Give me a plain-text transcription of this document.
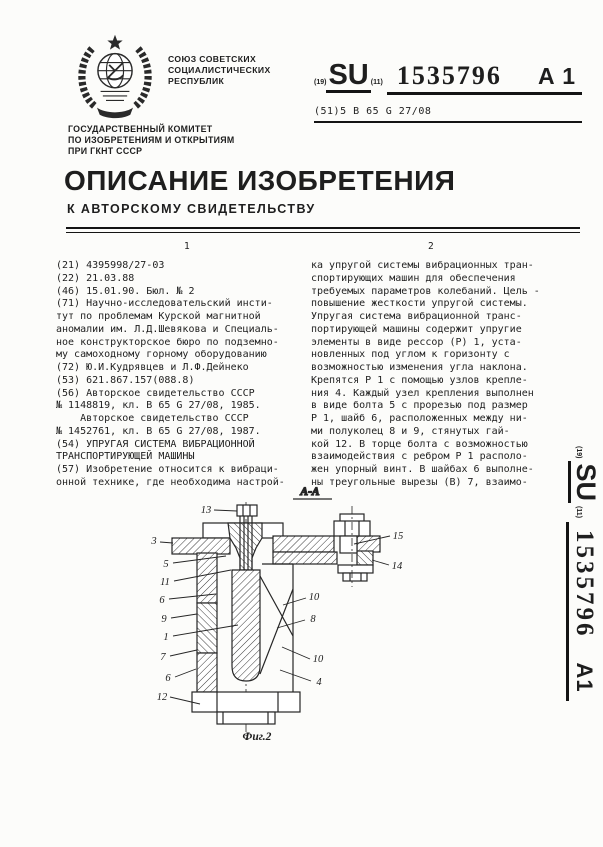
СОЮЗ СОВЕТСКИХ
СОЦИАЛИСТИЧЕСКИХ
РЕСПУБЛИК	(19) SU (11) 1535796 A 1
(51)5 B 65 G 27/08
ГОСУДАРСТВЕННЫЙ КОМИТЕТ
ПО ИЗОБРЕТЕНИЯМ И ОТКРЫТИЯМ
ПРИ ГКНТ СССР
ОПИСАНИЕ ИЗОБРЕТЕНИЯ
К АВТОРСКОМУ СВИДЕТЕЛЬСТВУ
1	2
(21) 4395998/27-03
(22) 21.03.88
(46) 15.01.90. Бюл. № 2
(71) Научно-исследовательский инсти-
тут по проблемам Курской магнитной
аномалии им. Л.Д.Шевякова и Специаль-
ное конструкторское бюро по подземно-
му самоходному горному оборудованию
(72) Ю.И.Кудрявцев и Л.Ф.Дейнеко
(53) 621.867.157(088.8)
(56) Авторское свидетельство СССР
№ 1148819, кл. B 65 G 27/08, 1985.
Авторское свидетельство СССР
№ 1452761, кл. B 65 G 27/08, 1987.
(54) УПРУГАЯ СИСТЕМА ВИБРАЦИОННОЙ
ТРАНСПОРТИРУЮЩЕЙ МАШИНЫ
(57) Изобретение относится к вибраци-
онной технике, где необходима настрой-
ка упругой системы вибрационных тран-
спортирующих машин для обеспечения
требуемых параметров колебаний. Цель -
повышение жесткости упругой системы.
Упругая система вибрационной транс-
портирующей машины содержит упругие
элементы в виде рессор (Р) 1, уста-
новленных под углом к горизонту с
возможностью изменения угла наклона.
Крепятся Р 1 с помощью узлов крепле-
ния 4. Каждый узел крепления выполнен
в виде болта 5 с прорезью под размер
Р 1, шайб 6, расположенных между ни-
ми полуколец 8 и 9, стянутых гай-
кой 12. В торце болта с возможностью
взаимодействия с ребром Р 1 располо-
жен упорный винт. В шайбах 6 выполне-
ны треугольные вырезы (В) 7, взаимо-
А-А
13
3
5
11
6
9
1
7
6
12
15
14
10
8
10
4
Фиг.2
(19)
SU
(11)
1535796
A1
